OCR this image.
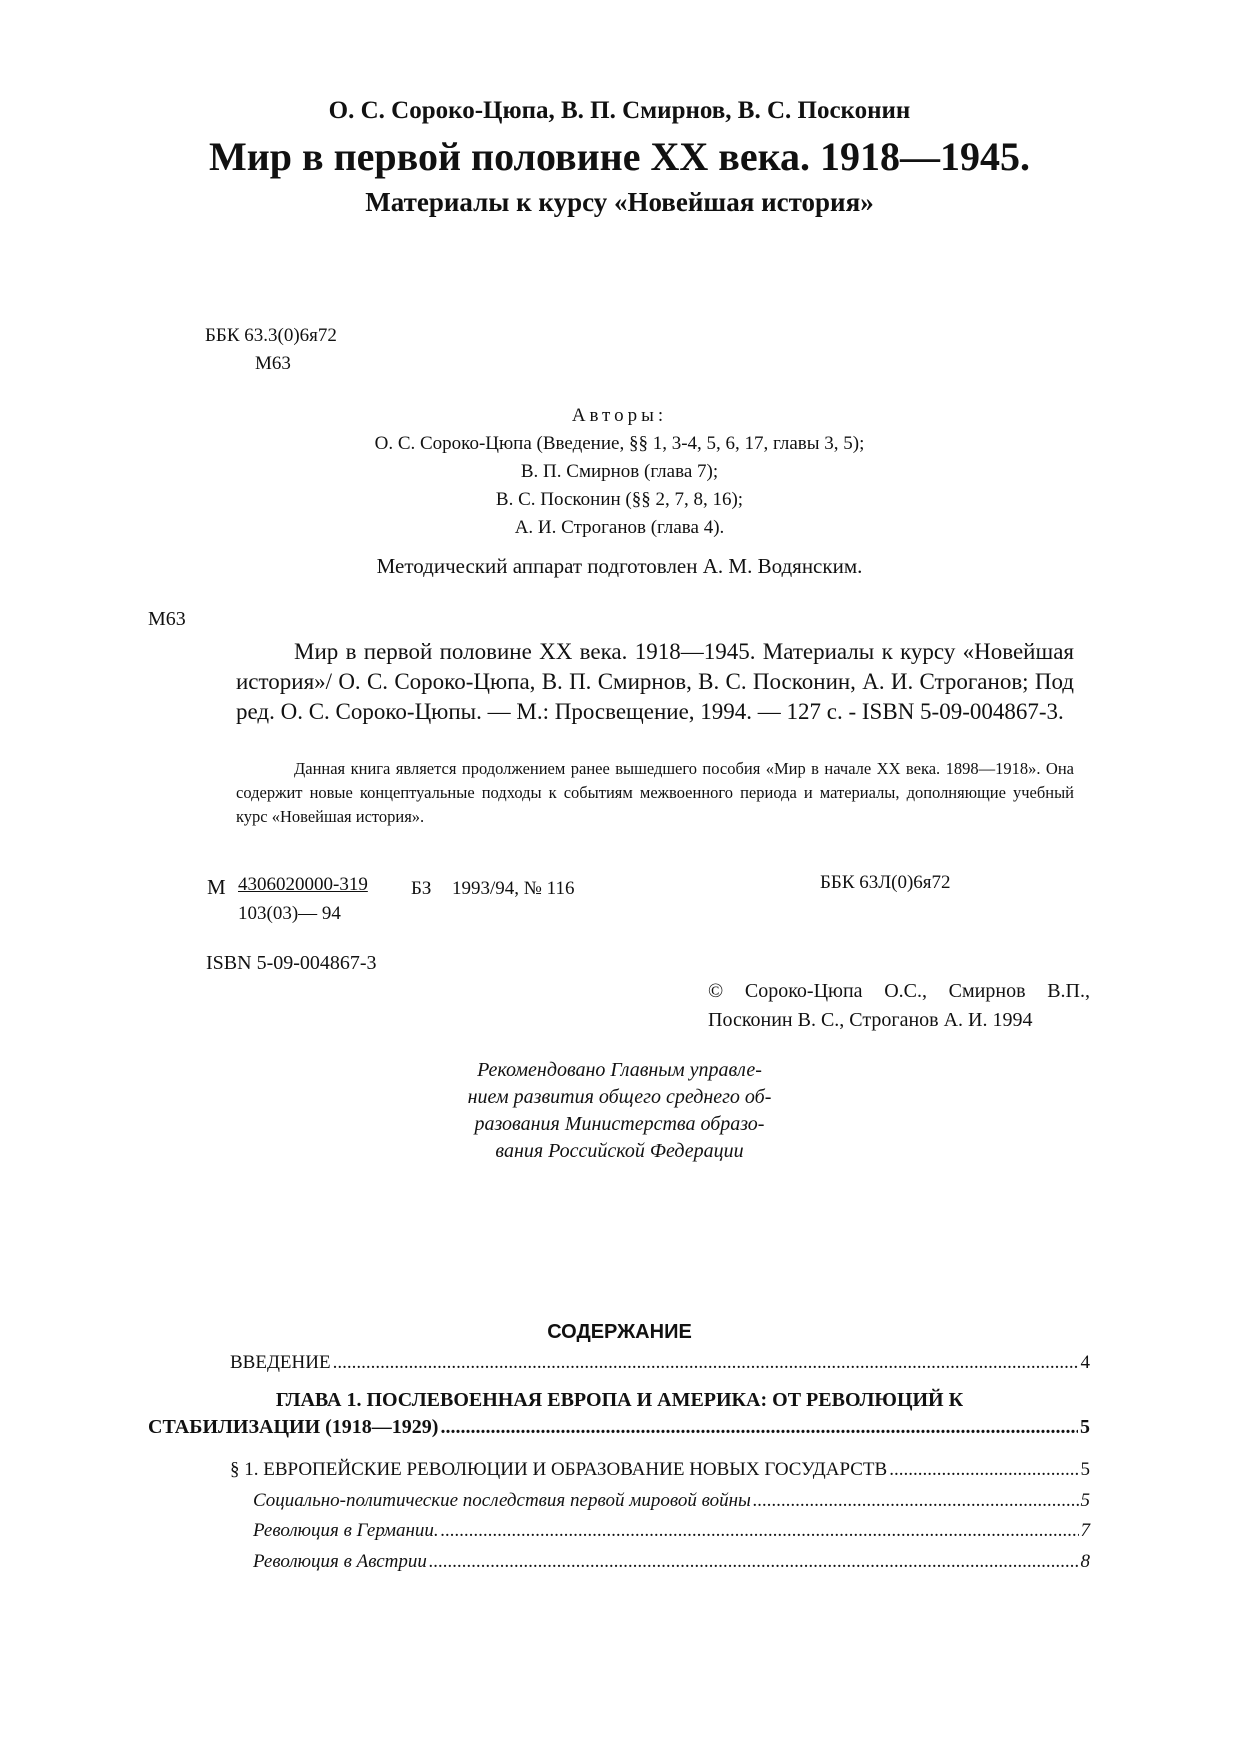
О. С. Сороко-Цюпа, В. П. Смирнов, В. С. Посконин
Мир в первой половине XX века. 1918—1945.
Материалы к курсу «Новейшая история»
ББК 63.3(0)6я72
М63
Авторы:
О. С. Сороко-Цюпа (Введение, §§ 1, 3-4, 5, 6, 17, главы 3, 5);
В. П. Смирнов (глава 7);
В. С. Посконин (§§ 2, 7, 8, 16);
А. И. Строганов (глава 4).
Методический аппарат подготовлен А. М. Водянским.
М63
Мир в первой половине XX века. 1918—1945. Материалы к курсу «Новейшая история»/ О. С. Сороко-Цюпа, В. П. Смирнов, В. С. Посконин, А. И. Строганов; Под ред. О. С. Сороко-Цюпы. — М.: Просвещение, 1994. — 127 с. - ISBN 5-09-004867-3.
Данная книга является продолжением ранее вышедшего пособия «Мир в начале XX века. 1898—1918». Она содержит новые концептуальные подходы к событиям межвоенного периода и материалы, дополняющие учебный курс «Новейшая история».
М $\frac{4306020000-319}{103(03)— 94}$ БЗ 1993/94, № 116	ББК 63Л(0)6я72
ISBN 5-09-004867-3
© Сороко-Цюпа О.С., Смирнов В.П.,
Посконин В. С., Строганов А. И. 1994
Рекомендовано Главным управле-
нием развития общего среднего об-
разования Министерства образо-
вания Российской Федерации
СОДЕРЖАНИЕ
ВВЕДЕНИЕ .....	4
ГЛАВА 1. ПОСЛЕВОЕННАЯ ЕВРОПА И АМЕРИКА: ОТ РЕВОЛЮЦИЙ К
СТАБИЛИЗАЦИИ (1918—1929) .....	5
§ 1. ЕВРОПЕЙСКИЕ РЕВОЛЮЦИИ И ОБРАЗОВАНИЕ НОВЫХ ГОСУДАРСТВ .....	5
Социально-политические последствия первой мировой войны .....	5
Революция в Германии. .....	7
Революция в Австрии .....	8
